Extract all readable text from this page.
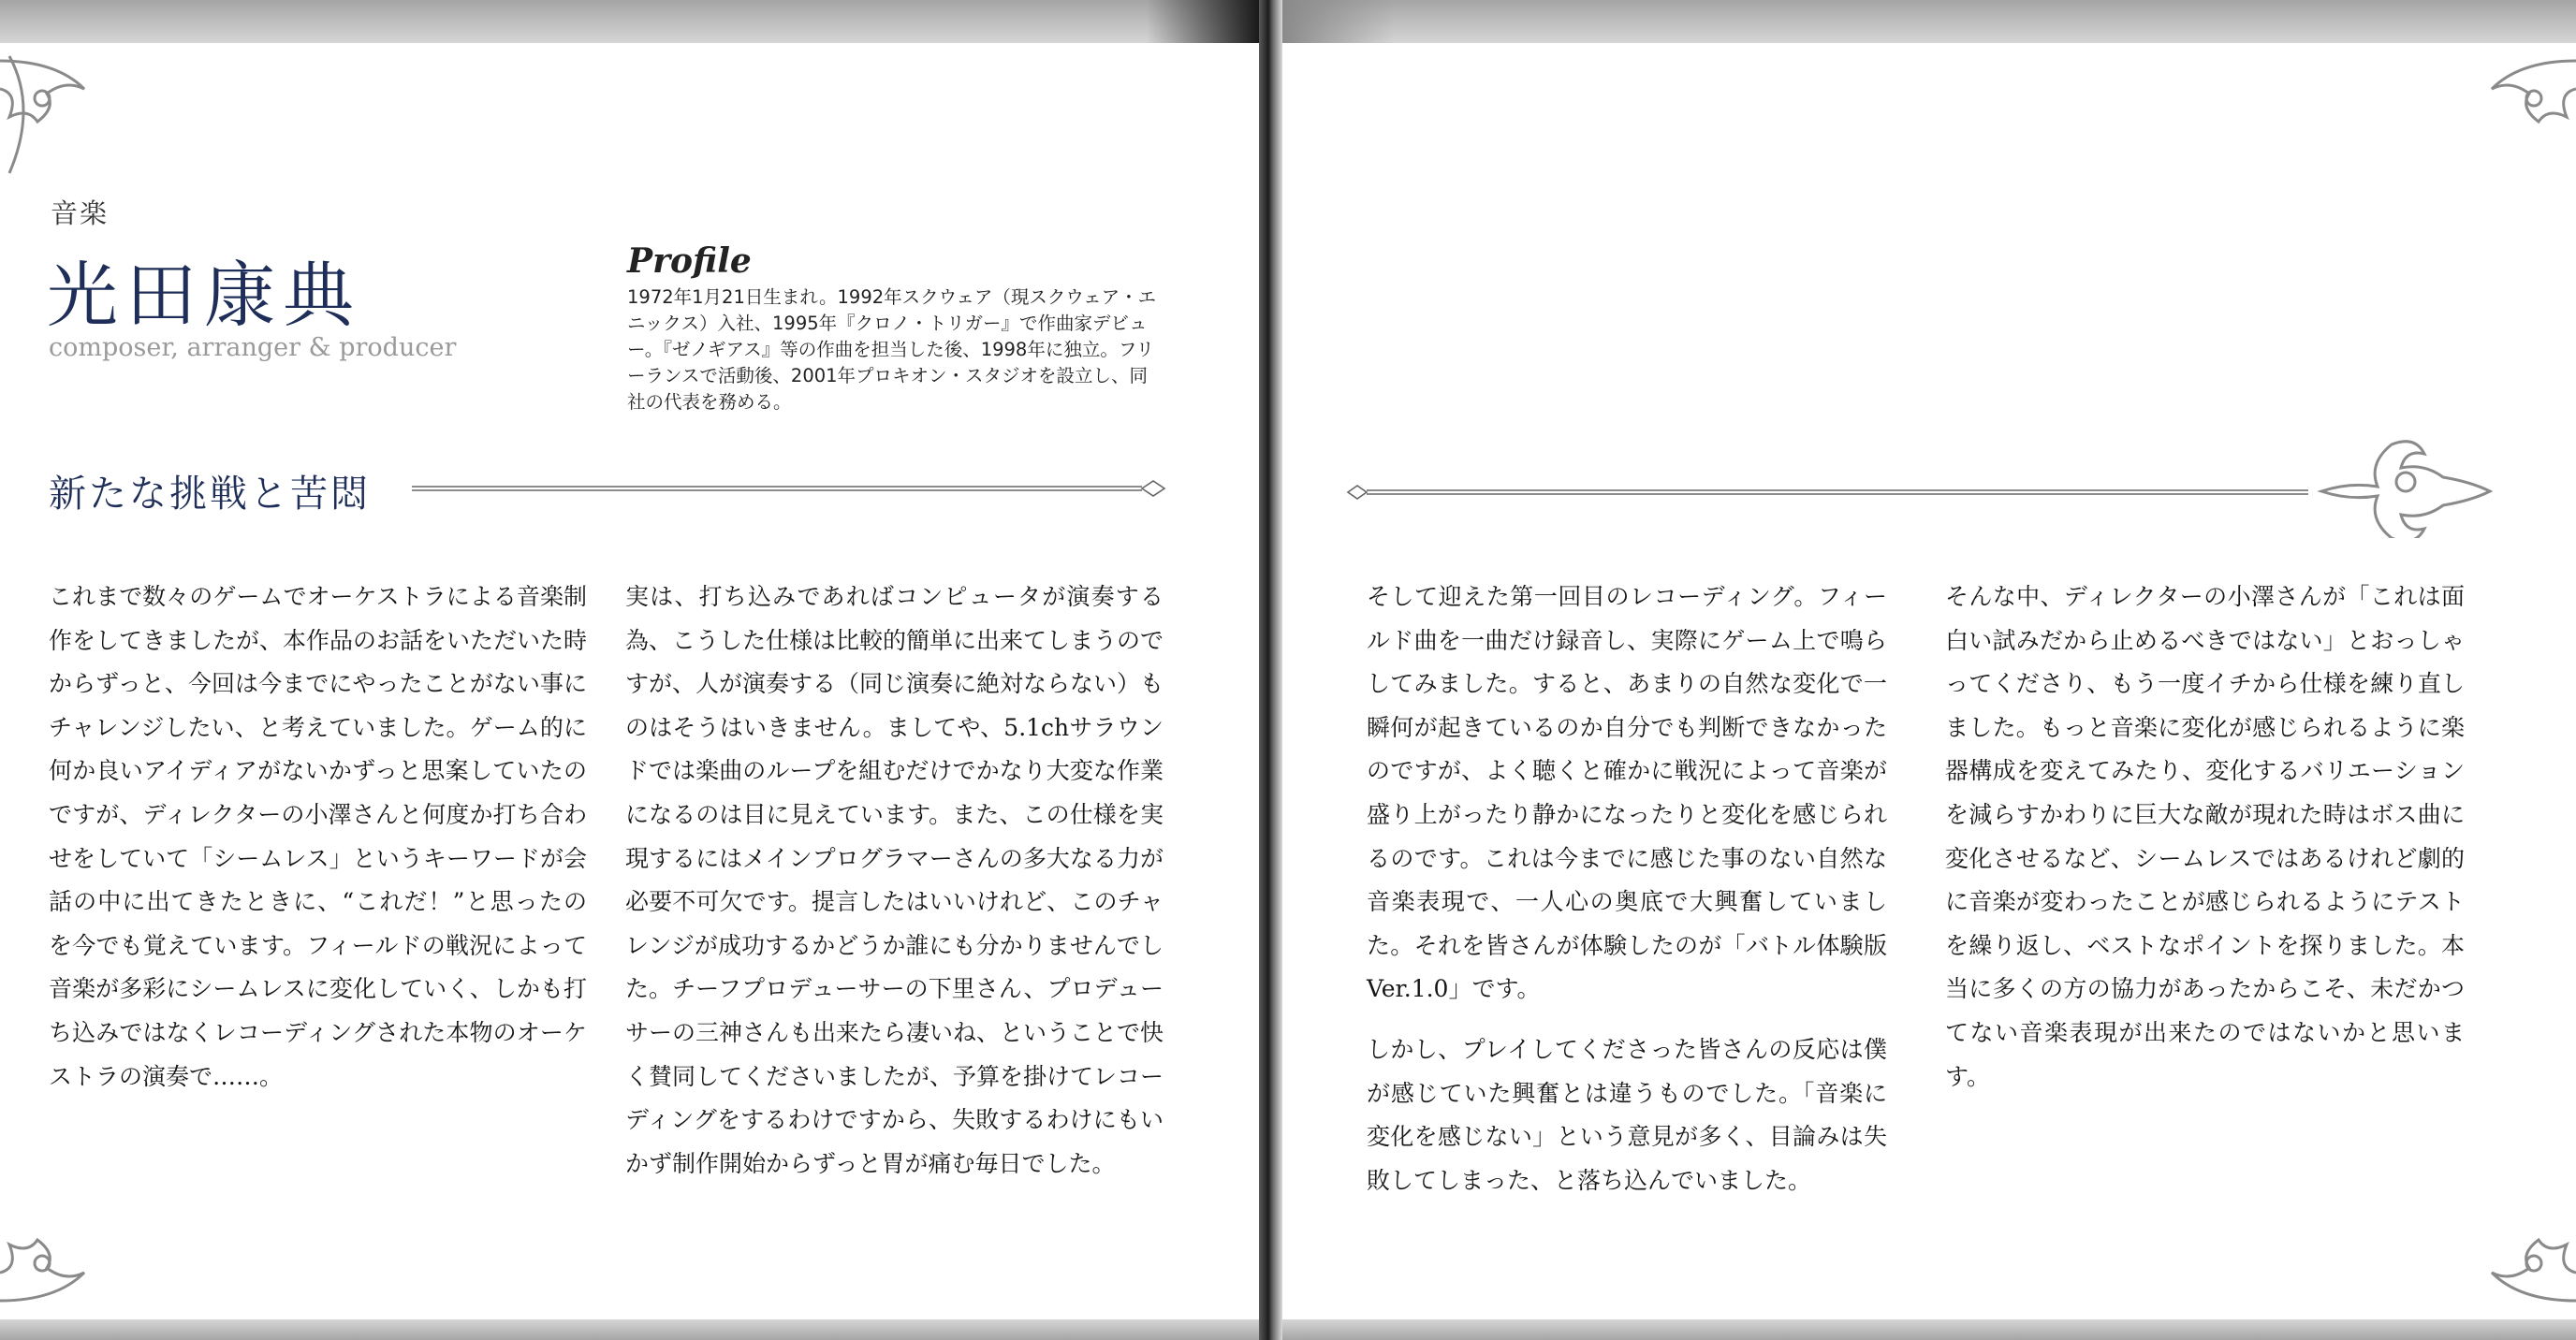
音楽
光田康典
composer, arranger & producer
Profile
1972年1月21日生まれ。1992年スクウェア（現スクウェア・エニックス）入社、1995年『クロノ・トリガー』で作曲家デビュー。『ゼノギアス』等の作曲を担当した後、1998年に独立。フリーランスで活動後、2001年プロキオン・スタジオを設立し、同社の代表を務める。
新たな挑戦と苦悶

これまで数々のゲームでオーケストラによる音楽制作をしてきましたが、本作品のお話をいただいた時からずっと、今回は今までにやったことがない事にチャレンジしたい、と考えていました。ゲーム的に何か良いアイディアがないかずっと思案していたのですが、ディレクターの小澤さんと何度か打ち合わせをしていて「シームレス」というキーワードが会話の中に出てきたときに、“これだ！”と思ったのを今でも覚えています。フィールドの戦況によって音楽が多彩にシームレスに変化していく、しかも打ち込みではなくレコーディングされた本物のオーケストラの演奏で……。

実は、打ち込みであればコンピュータが演奏する為、こうした仕様は比較的簡単に出来てしまうのですが、人が演奏する（同じ演奏に絶対ならない）ものはそうはいきません。ましてや、5.1chサラウンドでは楽曲のループを組むだけでかなり大変な作業になるのは目に見えています。また、この仕様を実現するにはメインプログラマーさんの多大なる力が必要不可欠です。提言したはいいけれど、このチャレンジが成功するかどうか誰にも分かりませんでした。チーフプロデューサーの下里さん、プロデューサーの三神さんも出来たら凄いね、ということで快く賛同してくださいましたが、予算を掛けてレコーディングをするわけですから、失敗するわけにもいかず制作開始からずっと胃が痛む毎日でした。

そして迎えた第一回目のレコーディング。フィールド曲を一曲だけ録音し、実際にゲーム上で鳴らしてみました。すると、あまりの自然な変化で一瞬何が起きているのか自分でも判断できなかったのですが、よく聴くと確かに戦況によって音楽が盛り上がったり静かになったりと変化を感じられるのです。これは今までに感じた事のない自然な音楽表現で、一人心の奥底で大興奮していました。それを皆さんが体験したのが「バトル体験版Ver.1.0」です。

しかし、プレイしてくださった皆さんの反応は僕が感じていた興奮とは違うものでした。「音楽に変化を感じない」という意見が多く、目論みは失敗してしまった、と落ち込んでいました。

そんな中、ディレクターの小澤さんが「これは面白い試みだから止めるべきではない」とおっしゃってくださり、もう一度イチから仕様を練り直しました。もっと音楽に変化が感じられるように楽器構成を変えてみたり、変化するバリエーションを減らすかわりに巨大な敵が現れた時はボス曲に変化させるなど、シームレスではあるけれど劇的に音楽が変わったことが感じられるようにテストを繰り返し、ベストなポイントを探りました。本当に多くの方の協力があったからこそ、未だかつてない音楽表現が出来たのではないかと思います。
